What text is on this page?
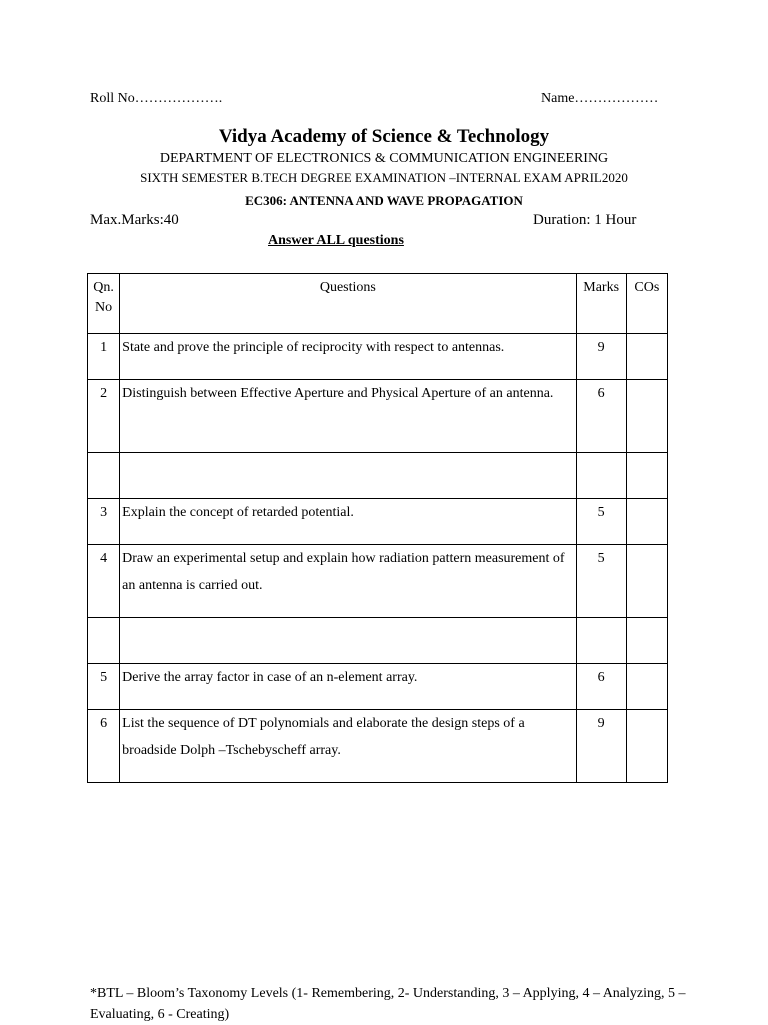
Roll No……………….	Name………………
Vidya Academy of Science & Technology
DEPARTMENT OF ELECTRONICS & COMMUNICATION ENGINEERING
SIXTH SEMESTER B.TECH DEGREE EXAMINATION –INTERNAL EXAM APRIL2020
EC306: ANTENNA AND WAVE PROPAGATION
Max.Marks:40	Duration: 1 Hour
Answer ALL questions
Qn.
No	Questions	Marks	COs

1	State and prove the principle of reciprocity with respect to antennas.	9	

2	Distinguish between Effective Aperture and Physical Aperture of an antenna.	6	

3	Explain the concept of retarded potential.	5	

4	Draw an experimental setup and explain how radiation pattern measurement of an antenna is carried out.	5	

5	Derive the array factor in case of an n-element array.	6	

6	List the sequence of DT polynomials and elaborate the design steps of a broadside Dolph –Tschebyscheff array.	9	

*BTL – Bloom’s Taxonomy Levels (1- Remembering, 2- Understanding, 3 – Applying, 4 – Analyzing, 5 – Evaluating, 6 - Creating)
